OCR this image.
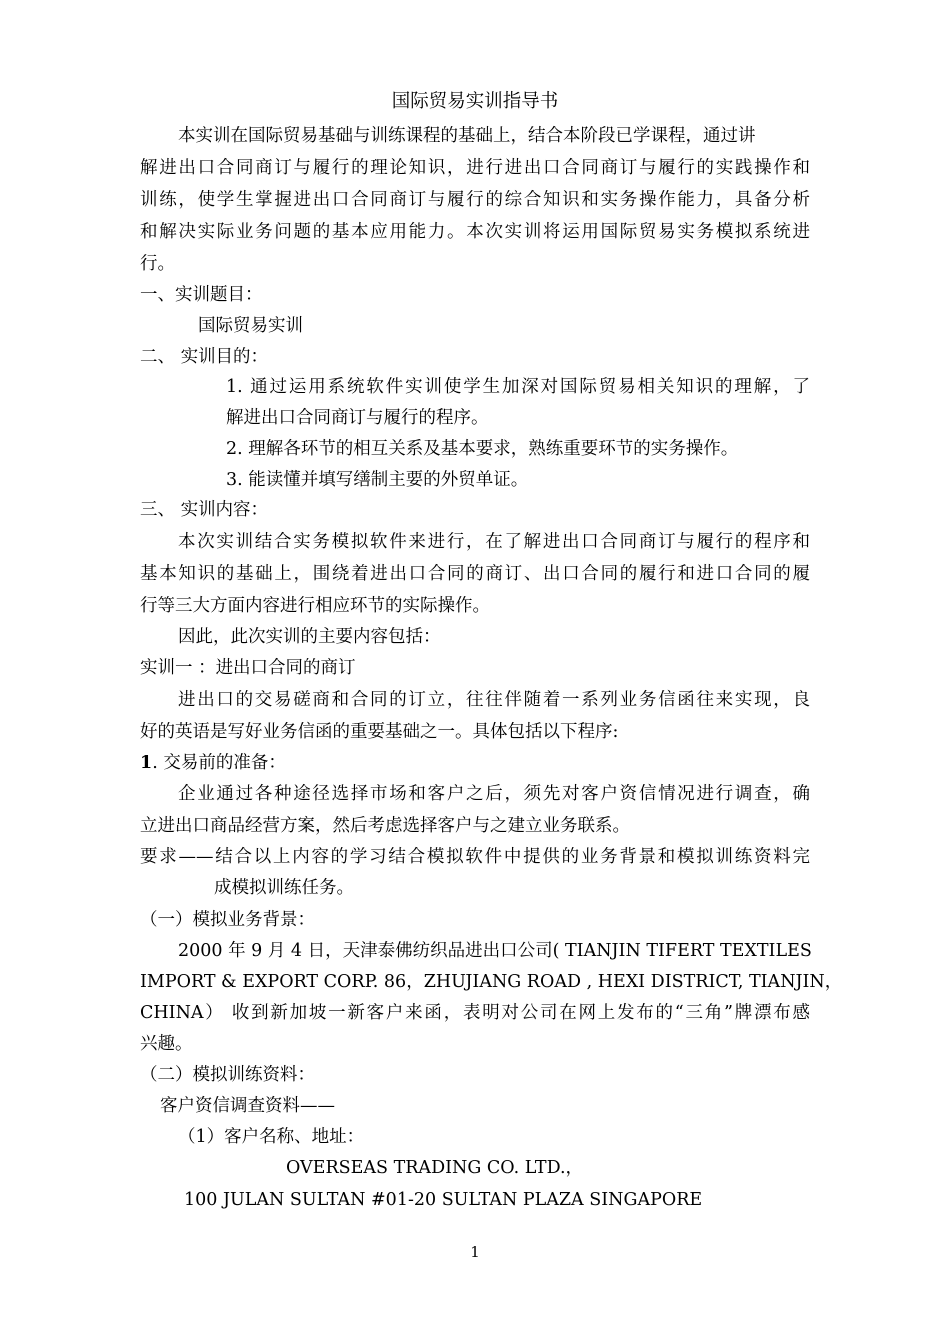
国际贸易实训指导书
本实训在国际贸易基础与训练课程的基础上，结合本阶段已学课程，通过讲
解进出口合同商订与履行的理论知识，进行进出口合同商订与履行的实践操作和
训练，使学生掌握进出口合同商订与履行的综合知识和实务操作能力，具备分析
和解决实际业务问题的基本应用能力。本次实训将运用国际贸易实务模拟系统进
行。
一、实训题目：
国际贸易实训
二、 实训目的：
1. 通过运用系统软件实训使学生加深对国际贸易相关知识的理解，了
解进出口合同商订与履行的程序。
2. 理解各环节的相互关系及基本要求，熟练重要环节的实务操作。
3. 能读懂并填写缮制主要的外贸单证。
三、 实训内容：
本次实训结合实务模拟软件来进行，在了解进出口合同商订与履行的程序和
基本知识的基础上，围绕着进出口合同的商订、出口合同的履行和进口合同的履
行等三大方面内容进行相应环节的实际操作。
因此，此次实训的主要内容包括：
实训一 ：进出口合同的商订
进出口的交易磋商和合同的订立，往往伴随着一系列业务信函往来实现，良
好的英语是写好业务信函的重要基础之一。具体包括以下程序:
1. 交易前的准备：
企业通过各种途径选择市场和客户之后，须先对客户资信情况进行调查，确
立进出口商品经营方案，然后考虑选择客户与之建立业务联系。
要求——结合以上内容的学习结合模拟软件中提供的业务背景和模拟训练资料完
成模拟训练任务。
（一）模拟业务背景：
2000 年 9 月 4 日，天津泰佛纺织品进出口公司( TIANJIN TIFERT TEXTILES
IMPORT & EXPORT CORP. 86，ZHUJIANG ROAD , HEXI DISTRICT, TIANJIN，
CHINA） 收到新加坡一新客户来函，表明对公司在网上发布的“三角”牌漂布感
兴趣。
（二）模拟训练资料：
客户资信调查资料——
（1）客户名称、地址：
OVERSEAS TRADING CO. LTD.，
100 JULAN SULTAN #01-20 SULTAN PLAZA SINGAPORE
1
